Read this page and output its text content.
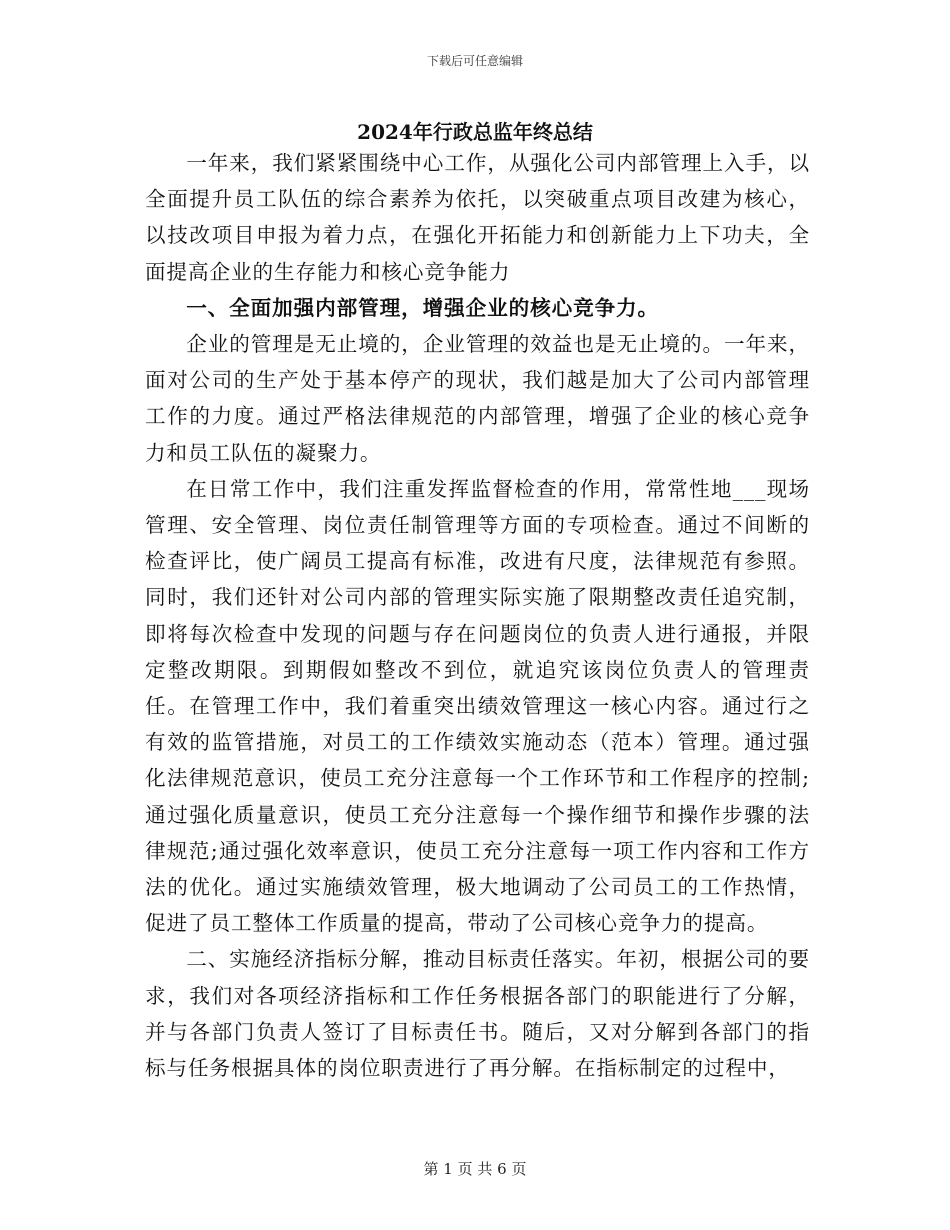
下载后可任意编辑
2024年行政总监年终总结

一年来，我们紧紧围绕中心工作，从强化公司内部管理上入手，以全面提升员工队伍的综合素养为依托，以突破重点项目改建为核心，以技改项目申报为着力点，在强化开拓能力和创新能力上下功夫，全面提高企业的生存能力和核心竞争能力

一、全面加强内部管理，增强企业的核心竞争力。

企业的管理是无止境的，企业管理的效益也是无止境的。一年来，面对公司的生产处于基本停产的现状，我们越是加大了公司内部管理工作的力度。通过严格法律规范的内部管理，增强了企业的核心竞争力和员工队伍的凝聚力。

在日常工作中，我们注重发挥监督检查的作用，常常性地___现场管理、安全管理、岗位责任制管理等方面的专项检查。通过不间断的检查评比，使广阔员工提高有标准，改进有尺度，法律规范有参照。同时，我们还针对公司内部的管理实际实施了限期整改责任追究制，即将每次检查中发现的问题与存在问题岗位的负责人进行通报，并限定整改期限。到期假如整改不到位，就追究该岗位负责人的管理责任。在管理工作中，我们着重突出绩效管理这一核心内容。通过行之有效的监管措施，对员工的工作绩效实施动态（范本）管理。通过强化法律规范意识，使员工充分注意每一个工作环节和工作程序的控制;通过强化质量意识，使员工充分注意每一个操作细节和操作步骤的法律规范;通过强化效率意识，使员工充分注意每一项工作内容和工作方法的优化。通过实施绩效管理，极大地调动了公司员工的工作热情，促进了员工整体工作质量的提高，带动了公司核心竞争力的提高。

二、实施经济指标分解，推动目标责任落实。年初，根据公司的要求，我们对各项经济指标和工作任务根据各部门的职能进行了分解，并与各部门负责人签订了目标责任书。随后，又对分解到各部门的指标与任务根据具体的岗位职责进行了再分解。在指标制定的过程中，

第 1 页 共 6 页
